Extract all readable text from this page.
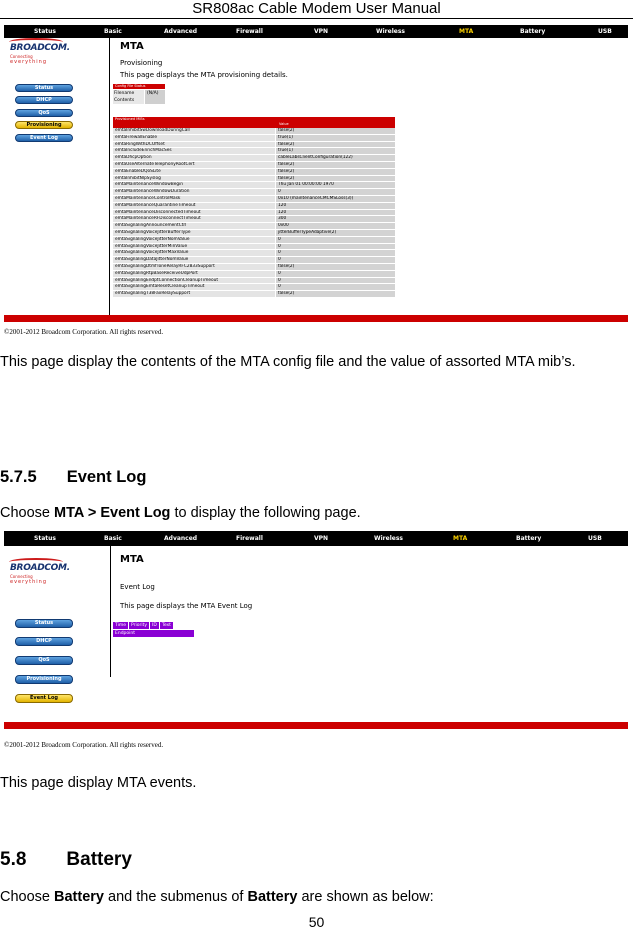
SR808ac Cable Modem User Manual
Status	Basic	Advanced	Firewall	VPN	Wireless	MTA	Battery	USB
BROADCOM.
Connecting
everything
Status
DHCP
QoS
Provisioning
Event Log
MTA
Provisioning
This page displays the MTA provisioning details.
Config File Status
Filename	(N/A)
Contents
Provisioned MIBs
Value
emtaInhibitSwDownloadDuringCall	false(2)
emtaFirewallEnable	true(1)
emtaRingWithDCOffset	false(2)
emtaIncludeEnrichMacSes	true(1)
emtaDhcpOption	cableLabsClientConfiguration(122)
emtaUseAlternateTelephonyRootCert	false(2)
emtaEnableDQoSLite	false(2)
emtaInhibitNlpSyslog	false(2)
emtaMaintenanceWindowBegin	Thu Jan 01 00:00:00 1970
emtaMaintenanceWindowDuration	0
emtaMaintenanceControlMask	0x10 (maintenanceCMCMSLoss(3))
emtaMaintenanceQuarantineTimeout	120
emtaMaintenanceDisconnectedTimeout	120
emtaMaintenanceRFDisconnectTimeout	300
emtaSignalingAnnouncementCtrl	0x00
emtaSignalingVoiceJitterBufferType	jitterBufferTypeAdaptive(2)
emtaSignalingVoiceJitterNomValue	0
emtaSignalingVoiceJitterMinValue	0
emtaSignalingVoiceJitterMaxValue	0
emtaSignalingDataJitterNomValue	0
emtaSignalingDtmfToneRelayRFC2833Support	false(2)
emtaSignalingRtpBaseReceiveUdpPort	0
emtaSignalingEndptConnectionCleanupTimeout	0
emtaSignalingEmtaResetCleanupTimeout	0
emtaSignalingT38FaxRelaySupport	false(2)
©2001-2012 Broadcom Corporation. All rights reserved.
This page display the contents of the MTA config file and the value of assorted MTA mib’s.
5.7.5 Event Log
Choose MTA > Event Log to display the following page.
Status	Basic	Advanced	Firewall	VPN	Wireless	MTA	Battery	USB
BROADCOM.
Connecting
everything
Status
DHCP
QoS
Provisioning
Event Log
MTA
Event Log
This page displays the MTA Event Log
Time	Priority	ID	Text
Endpoint
©2001-2012 Broadcom Corporation. All rights reserved.
This page display MTA events.
5.8 Battery
Choose Battery and the submenus of Battery are shown as below:
50
